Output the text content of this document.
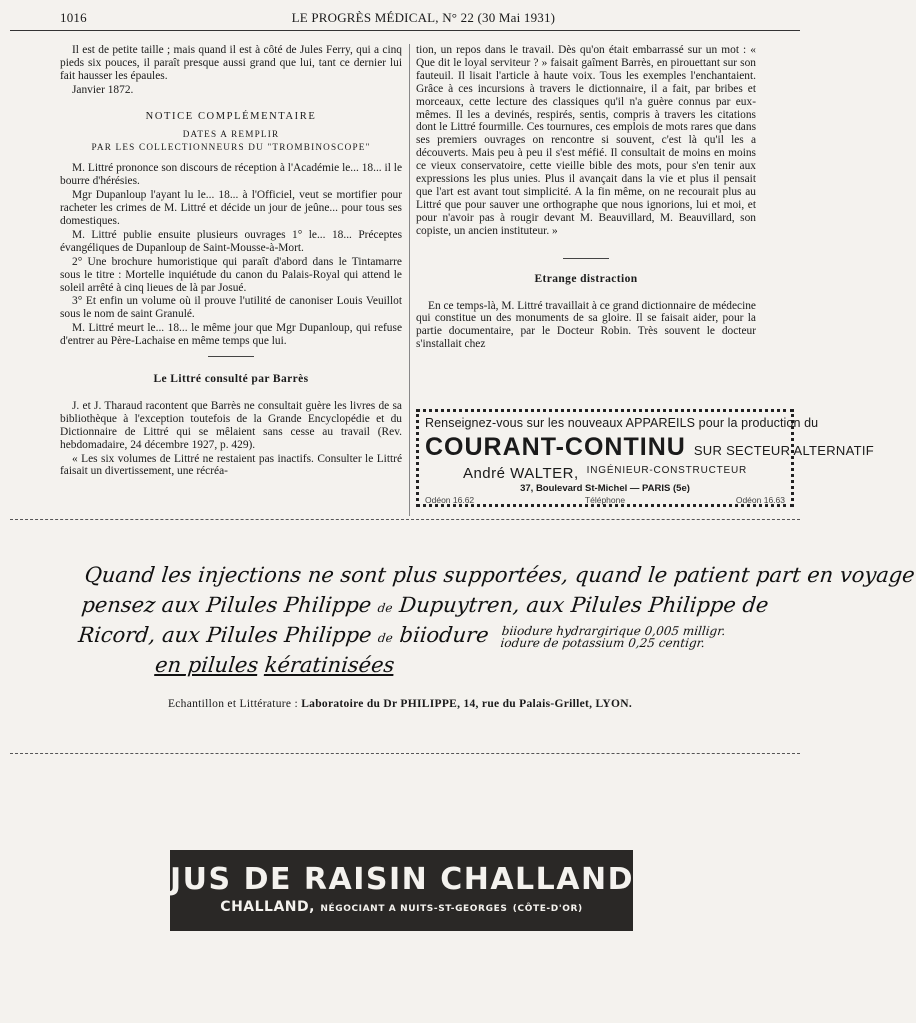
1016	LE PROGRÈS MÉDICAL, N° 22 (30 Mai 1931)

Il est de petite taille ; mais quand il est à côté de Jules Ferry, qui a cinq pieds six pouces, il paraît presque aussi grand que lui, tant ce dernier lui fait hausser les épaules.

Janvier 1872.

NOTICE COMPLÉMENTAIRE
DATES A REMPLIR
PAR LES COLLECTIONNEURS DU "TROMBINOSCOPE"

M. Littré prononce son discours de réception à l'Académie le... 18... il le bourre d'hérésies.

Mgr Dupanloup l'ayant lu le... 18... à l'Officiel, veut se mortifier pour racheter les crimes de M. Littré et décide un jour de jeûne... pour tous ses domestiques.

M. Littré publie ensuite plusieurs ouvrages 1° le... 18... Préceptes évangéliques de Dupanloup de Saint-Mousse-à-Mort.

2° Une brochure humoristique qui paraît d'abord dans le Tintamarre sous le titre : Mortelle inquiétude du canon du Palais-Royal qui attend le soleil arrêté à cinq lieues de là par Josué.

3° Et enfin un volume où il prouve l'utilité de canoniser Louis Veuillot sous le nom de saint Granulé.

M. Littré meurt le... 18... le même jour que Mgr Dupanloup, qui refuse d'entrer au Père-Lachaise en même temps que lui.

Le Littré consulté par Barrès

J. et J. Tharaud racontent que Barrès ne consultait guère les livres de sa bibliothèque à l'exception toutefois de la Grande Encyclopédie et du Dictionnaire de Littré qui se mêlaient sans cesse au travail (Rev. hebdomadaire, 24 décembre 1927, p. 429).

« Les six volumes de Littré ne restaient pas inactifs. Consulter le Littré faisait un divertissement, une récréa-

tion, un repos dans le travail. Dès qu'on était embarrassé sur un mot : « Que dit le loyal serviteur ? » faisait gaîment Barrès, en pirouettant sur son fauteuil. Il lisait l'article à haute voix. Tous les exemples l'enchantaient. Grâce à ces incursions à travers le dictionnaire, il a fait, par bribes et morceaux, cette lecture des classiques qu'il n'a guère connus par eux-mêmes. Il les a devinés, respirés, sentis, compris à travers les citations dont le Littré fourmille. Ces tournures, ces emplois de mots rares que dans ses premiers ouvrages on rencontre si souvent, c'est là qu'il les a découverts. Mais peu à peu il s'est méfié. Il consultait de moins en moins ce vieux conservatoire, cette vieille bible des mots, pour s'en tenir aux expressions les plus unies. Plus il avançait dans la vie et plus il pensait que l'art est avant tout simplicité. A la fin même, on ne recourait plus au Littré que pour sauver une orthographe que nous ignorions, lui et moi, et pour n'avoir pas à rougir devant M. Beauvillard, M. Beauvillard, son copiste, un ancien instituteur. »

Etrange distraction

En ce temps-là, M. Littré travaillait à ce grand dictionnaire de médecine qui constitue un des monuments de sa gloire. Il se faisait aider, pour la partie documentaire, par le Docteur Robin. Très souvent le docteur s'installait chez

Renseignez-vous sur les nouveaux APPAREILS pour la production du
COURANT-CONTINU SUR SECTEUR ALTERNATIF
André WALTER, INGÉNIEUR-CONSTRUCTEUR
37, Boulevard St-Michel — PARIS (5e)
Odéon 16.62	Téléphone	Odéon 16.63
Quand les injections ne sont plus supportées, quand le patient part en voyage
pensez aux Pilules Philippe de Dupuytren, aux Pilules Philippe de
Ricord, aux Pilules Philippe de biiodure biiodure hydrargirique 0,005 milligr.
iodure de potassium 0,25 centigr.
en pilules kératinisées
Echantillon et Littérature : Laboratoire du Dr PHILIPPE, 14, rue du Palais-Grillet, LYON.
JUS DE RAISIN CHALLAND
CHALLAND, NÉGOCIANT A NUITS-ST-GEORGES (CÔTE-D'OR)
